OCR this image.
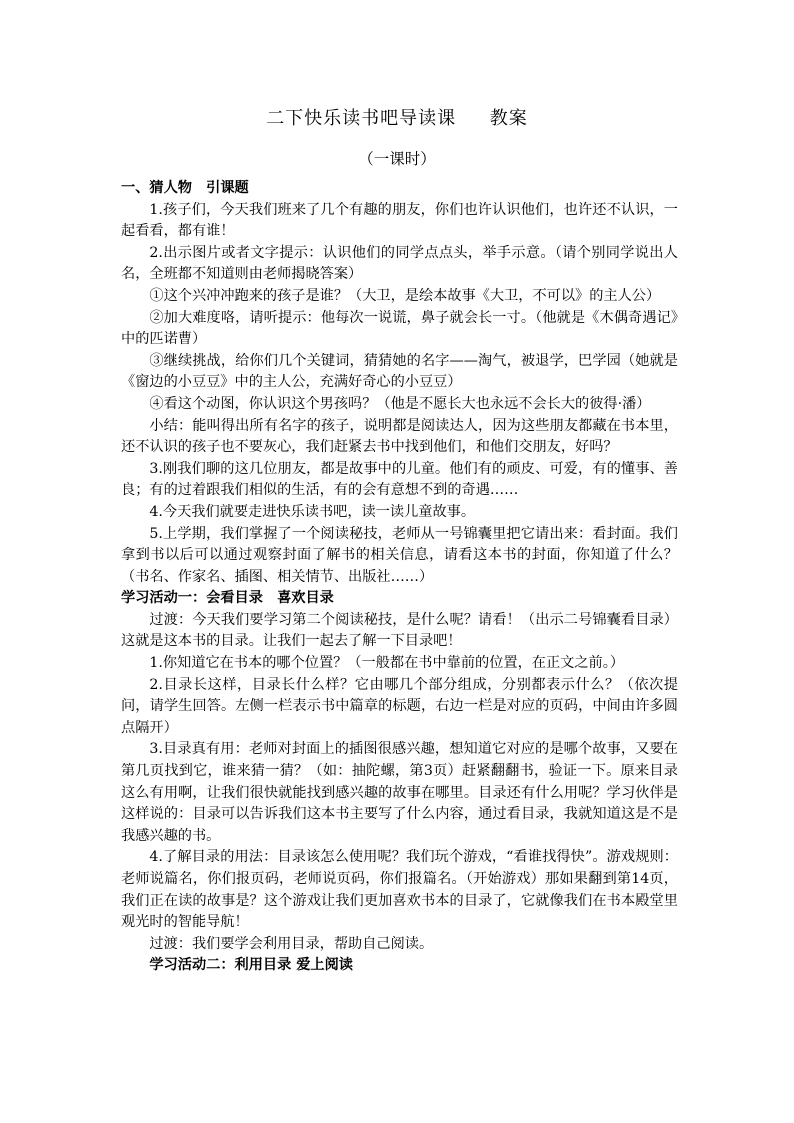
二下快乐读书吧导读课     教案
（一课时）

一、猜人物　引课题

1.孩子们，今天我们班来了几个有趣的朋友，你们也许认识他们，也许还不认识，一起看看，都有谁！

2.出示图片或者文字提示：认识他们的同学点点头，举手示意。（请个别同学说出人名，全班都不知道则由老师揭晓答案）

①这个兴冲冲跑来的孩子是谁？（大卫，是绘本故事《大卫，不可以》的主人公）

②加大难度咯，请听提示：他每次一说谎，鼻子就会长一寸。（他就是《木偶奇遇记》中的匹诺曹）

③继续挑战，给你们几个关键词，猜猜她的名字——淘气，被退学，巴学园（她就是《窗边的小豆豆》中的主人公，充满好奇心的小豆豆）

④看这个动图，你认识这个男孩吗？（他是不愿长大也永远不会长大的彼得·潘）

小结：能叫得出所有名字的孩子，说明都是阅读达人，因为这些朋友都藏在书本里，还不认识的孩子也不要灰心，我们赶紧去书中找到他们，和他们交朋友，好吗？

3.刚我们聊的这几位朋友，都是故事中的儿童。他们有的顽皮、可爱，有的懂事、善良；有的过着跟我们相似的生活，有的会有意想不到的奇遇……

4.今天我们就要走进快乐读书吧，读一读儿童故事。

5.上学期，我们掌握了一个阅读秘技，老师从一号锦囊里把它请出来：看封面。我们拿到书以后可以通过观察封面了解书的相关信息，请看这本书的封面，你知道了什么？（书名、作家名、插图、相关情节、出版社……）

学习活动一：会看目录　喜欢目录

过渡：今天我们要学习第二个阅读秘技，是什么呢？请看！（出示二号锦囊看目录）这就是这本书的目录。让我们一起去了解一下目录吧！

1.你知道它在书本的哪个位置？（一般都在书中靠前的位置，在正文之前。）

2.目录长这样，目录长什么样？它由哪几个部分组成，分别都表示什么？（依次提问，请学生回答。左侧一栏表示书中篇章的标题，右边一栏是对应的页码，中间由许多圆点隔开）

3.目录真有用：老师对封面上的插图很感兴趣，想知道它对应的是哪个故事，又要在第几页找到它，谁来猜一猜？（如：抽陀螺，第3页）赶紧翻翻书，验证一下。原来目录这么有用啊，让我们很快就能找到感兴趣的故事在哪里。目录还有什么用呢？学习伙伴是这样说的：目录可以告诉我们这本书主要写了什么内容，通过看目录，我就知道这是不是我感兴趣的书。

4.了解目录的用法：目录该怎么使用呢？我们玩个游戏，“看谁找得快”。游戏规则：老师说篇名，你们报页码，老师说页码，你们报篇名。（开始游戏）那如果翻到第14页，我们正在读的故事是？这个游戏让我们更加喜欢书本的目录了，它就像我们在书本殿堂里观光时的智能导航！

过渡：我们要学会利用目录，帮助自己阅读。

学习活动二：利用目录 爱上阅读
